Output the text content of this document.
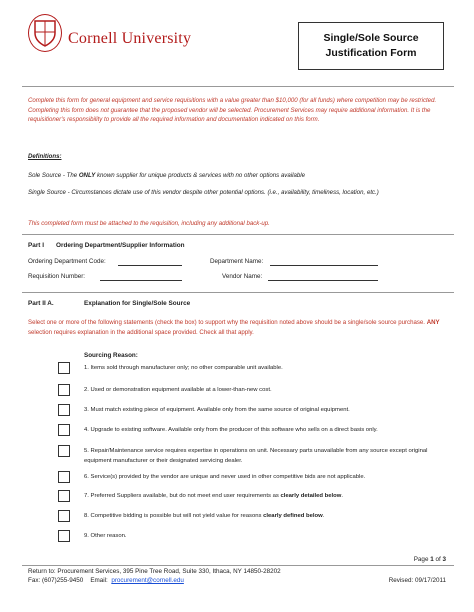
Cornell University	Single/Sole Source
Justification Form
Complete this form for general equipment and service requisitions with a value greater than $10,000 (for all funds) where competition may be restricted. Completing this form does not guarantee that the proposed vendor will be selected. Procurement Services may require additional information. It is the requisitioner's responsibility to provide all the required information and documentation indicated on this form.
Definitions:
Sole Source - The ONLY known supplier for unique products & services with no other options available
Single Source - Circumstances dictate use of this vendor despite other potential options. (i.e., availability, timeliness, location, etc.)
This completed form must be attached to the requisition, including any additional back-up.
Part I Ordering Department/Supplier Information
Ordering Department Code:	Department Name:
Requisition Number:	Vendor Name:
Part II A.	Explanation for Single/Sole Source
Select one or more of the following statements (check the box) to support why the requisition noted above should be a single/sole source purchase. ANY selection requires explanation in the additional space provided. Check all that apply.
Sourcing Reason:
1. Items sold through manufacturer only; no other comparable unit available.
2. Used or demonstration equipment available at a lower-than-new cost.
3. Must match existing piece of equipment. Available only from the same source of original equipment.
4. Upgrade to existing software. Available only from the producer of this software who sells on a direct basis only.
5. Repair/Maintenance service requires expertise in operations on unit. Necessary parts unavailable from any source except original equipment manufacturer or their designated servicing dealer.
6. Service(s) provided by the vendor are unique and never used in other competitive bids are not applicable.
7. Preferred Suppliers available, but do not meet end user requirements as clearly detailed below.
8. Competitive bidding is possible but will not yield value for reasons clearly defined below.
9. Other reason.
Page 1 of 3
Return to: Procurement Services, 395 Pine Tree Road, Suite 330, Ithaca, NY 14850-28202
Fax: (607)255-9450 Email: procurement@cornell.edu	Revised: 09/17/2011
